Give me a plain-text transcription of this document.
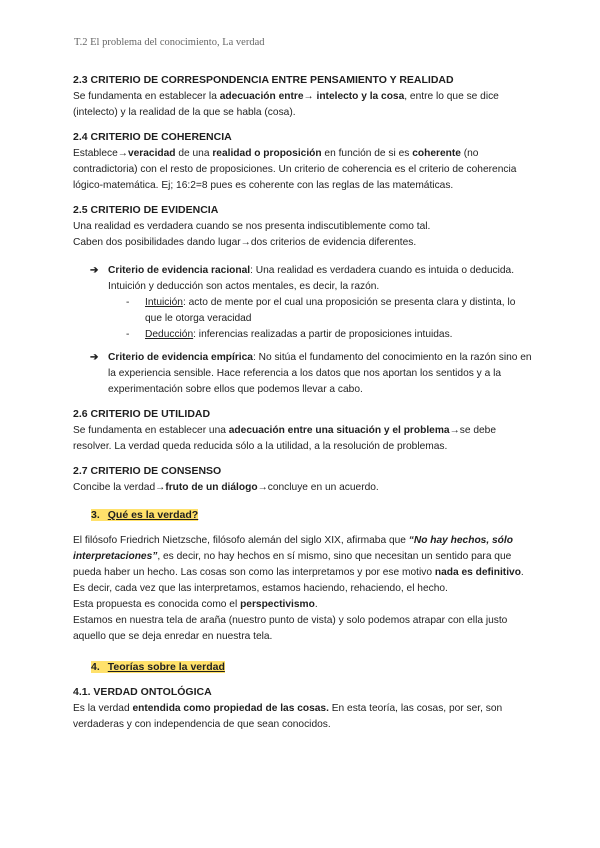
T.2 El problema del conocimiento, La verdad
2.3 CRITERIO DE CORRESPONDENCIA ENTRE PENSAMIENTO Y REALIDAD

Se fundamenta en establecer la adecuación entre→ intelecto y la cosa, entre lo que se dice (intelecto) y la realidad de la que se habla (cosa).

2.4 CRITERIO DE COHERENCIA

Establece→veracidad de una realidad o proposición en función de si es coherente (no contradictoria) con el resto de proposiciones. Un criterio de coherencia es el criterio de coherencia lógico-matemática. Ej; 16:2=8 pues es coherente con las reglas de las matemáticas.

2.5 CRITERIO DE EVIDENCIA

Una realidad es verdadera cuando se nos presenta indiscutiblemente como tal.

Caben dos posibilidades dando lugar→dos criterios de evidencia diferentes.

➔ Criterio de evidencia racional: Una realidad es verdadera cuando es intuida o deducida. Intuición y deducción son actos mentales, es decir, la razón.
- Intuición: acto de mente por el cual una proposición se presenta clara y distinta, lo que le otorga veracidad
- Deducción: inferencias realizadas a partir de proposiciones intuidas.
➔ Criterio de evidencia empírica: No sitúa el fundamento del conocimiento en la razón sino en la experiencia sensible. Hace referencia a los datos que nos aportan los sentidos y a la experimentación sobre ellos que podemos llevar a cabo.
2.6 CRITERIO DE UTILIDAD

Se fundamenta en establecer una adecuación entre una situación y el problema→se debe resolver. La verdad queda reducida sólo a la utilidad, a la resolución de problemas.

2.7 CRITERIO DE CONSENSO

Concibe la verdad→fruto de un diálogo→concluye en un acuerdo.

3. Qué es la verdad?

El filósofo Friedrich Nietzsche, filósofo alemán del siglo XIX, afirmaba que “No hay hechos, sólo interpretaciones”, es decir, no hay hechos en sí mismo, sino que necesitan un sentido para que pueda haber un hecho. Las cosas son como las interpretamos y por ese motivo nada es definitivo. Es decir, cada vez que las interpretamos, estamos haciendo, rehaciendo, el hecho.

Esta propuesta es conocida como el perspectivismo.

Estamos en nuestra tela de araña (nuestro punto de vista) y solo podemos atrapar con ella justo aquello que se deja enredar en nuestra tela.

4. Teorías sobre la verdad
4.1. VERDAD ONTOLÓGICA

Es la verdad entendida como propiedad de las cosas. En esta teoría, las cosas, por ser, son verdaderas y con independencia de que sean conocidos.
